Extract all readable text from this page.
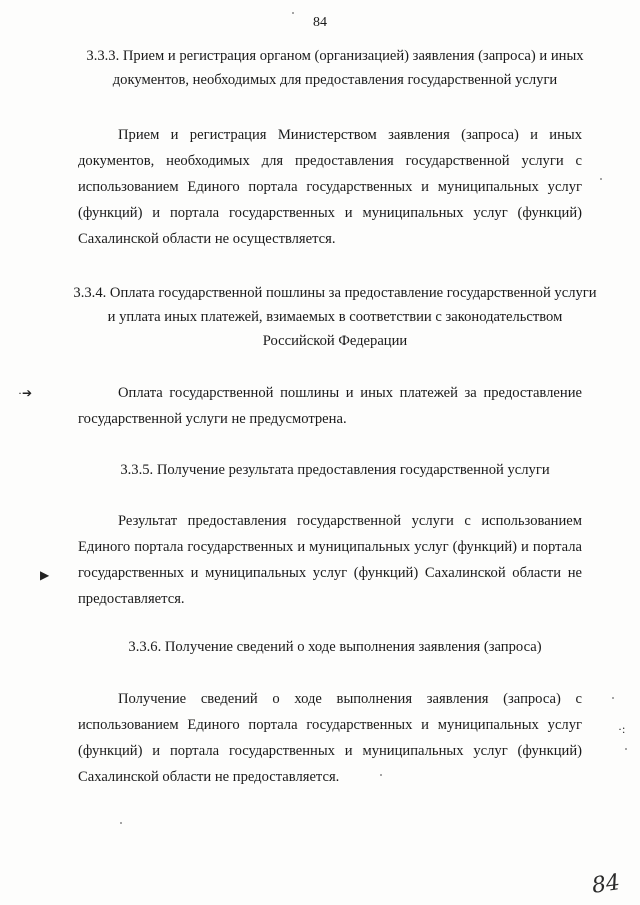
84
3.3.3. Прием и регистрация органом (организацией) заявления (запроса) и иных документов, необходимых для предоставления государственной услуги
Прием и регистрация Министерством заявления (запроса) и иных документов, необходимых для предоставления государственной услуги с использованием Единого портала государственных и муниципальных услуг (функций) и портала государственных и муниципальных услуг (функций) Сахалинской области не осуществляется.
3.3.4. Оплата государственной пошлины за предоставление государственной услуги и уплата иных платежей, взимаемых в соответствии с законодательством Российской Федерации
Оплата государственной пошлины и иных платежей за предоставление государственной услуги не предусмотрена.
3.3.5. Получение результата предоставления государственной услуги
Результат предоставления государственной услуги с использованием Единого портала государственных и муниципальных услуг (функций) и портала государственных и муниципальных услуг (функций) Сахалинской области не предоставляется.
3.3.6. Получение сведений о ходе выполнения заявления (запроса)
Получение сведений о ходе выполнения заявления (запроса) с использованием Единого портала государственных и муниципальных услуг (функций) и портала государственных и муниципальных услуг (функций) Сахалинской области не предоставляется.
·➔
▶
·:
84
